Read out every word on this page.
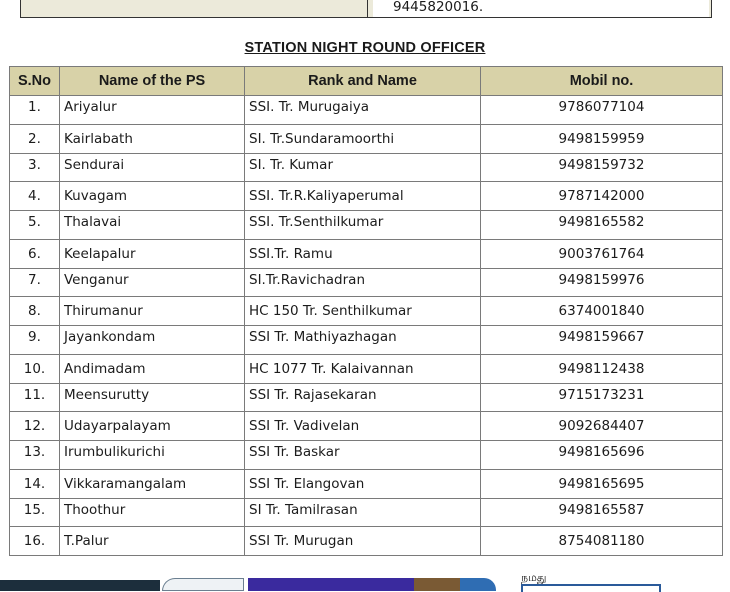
9445820016.
STATION NIGHT ROUND OFFICER
S.No	Name of the PS	Rank and Name	Mobil no.
1.	Ariyalur	SSI. Tr. Murugaiya	9786077104
2.	Kairlabath	SI. Tr.Sundaramoorthi	9498159959
3.	Sendurai	SI. Tr. Kumar	9498159732
4.	Kuvagam	SSI. Tr.R.Kaliyaperumal	9787142000
5.	Thalavai	SSI. Tr.Senthilkumar	9498165582
6.	Keelapalur	SSI.Tr. Ramu	9003761764
7.	Venganur	SI.Tr.Ravichadran	9498159976
8.	Thirumanur	HC 150 Tr. Senthilkumar	6374001840
9.	Jayankondam	SSI Tr. Mathiyazhagan	9498159667
10.	Andimadam	HC 1077 Tr. Kalaivannan	9498112438
11.	Meensurutty	SSI Tr. Rajasekaran	9715173231
12.	Udayarpalayam	SSI Tr. Vadivelan	9092684407
13.	Irumbulikurichi	SSI Tr. Baskar	9498165696
14.	Vikkaramangalam	SSI Tr. Elangovan	9498165695
15.	Thoothur	SI Tr. Tamilrasan	9498165587
16.	T.Palur	SSI Tr. Murugan	8754081180
நமது
